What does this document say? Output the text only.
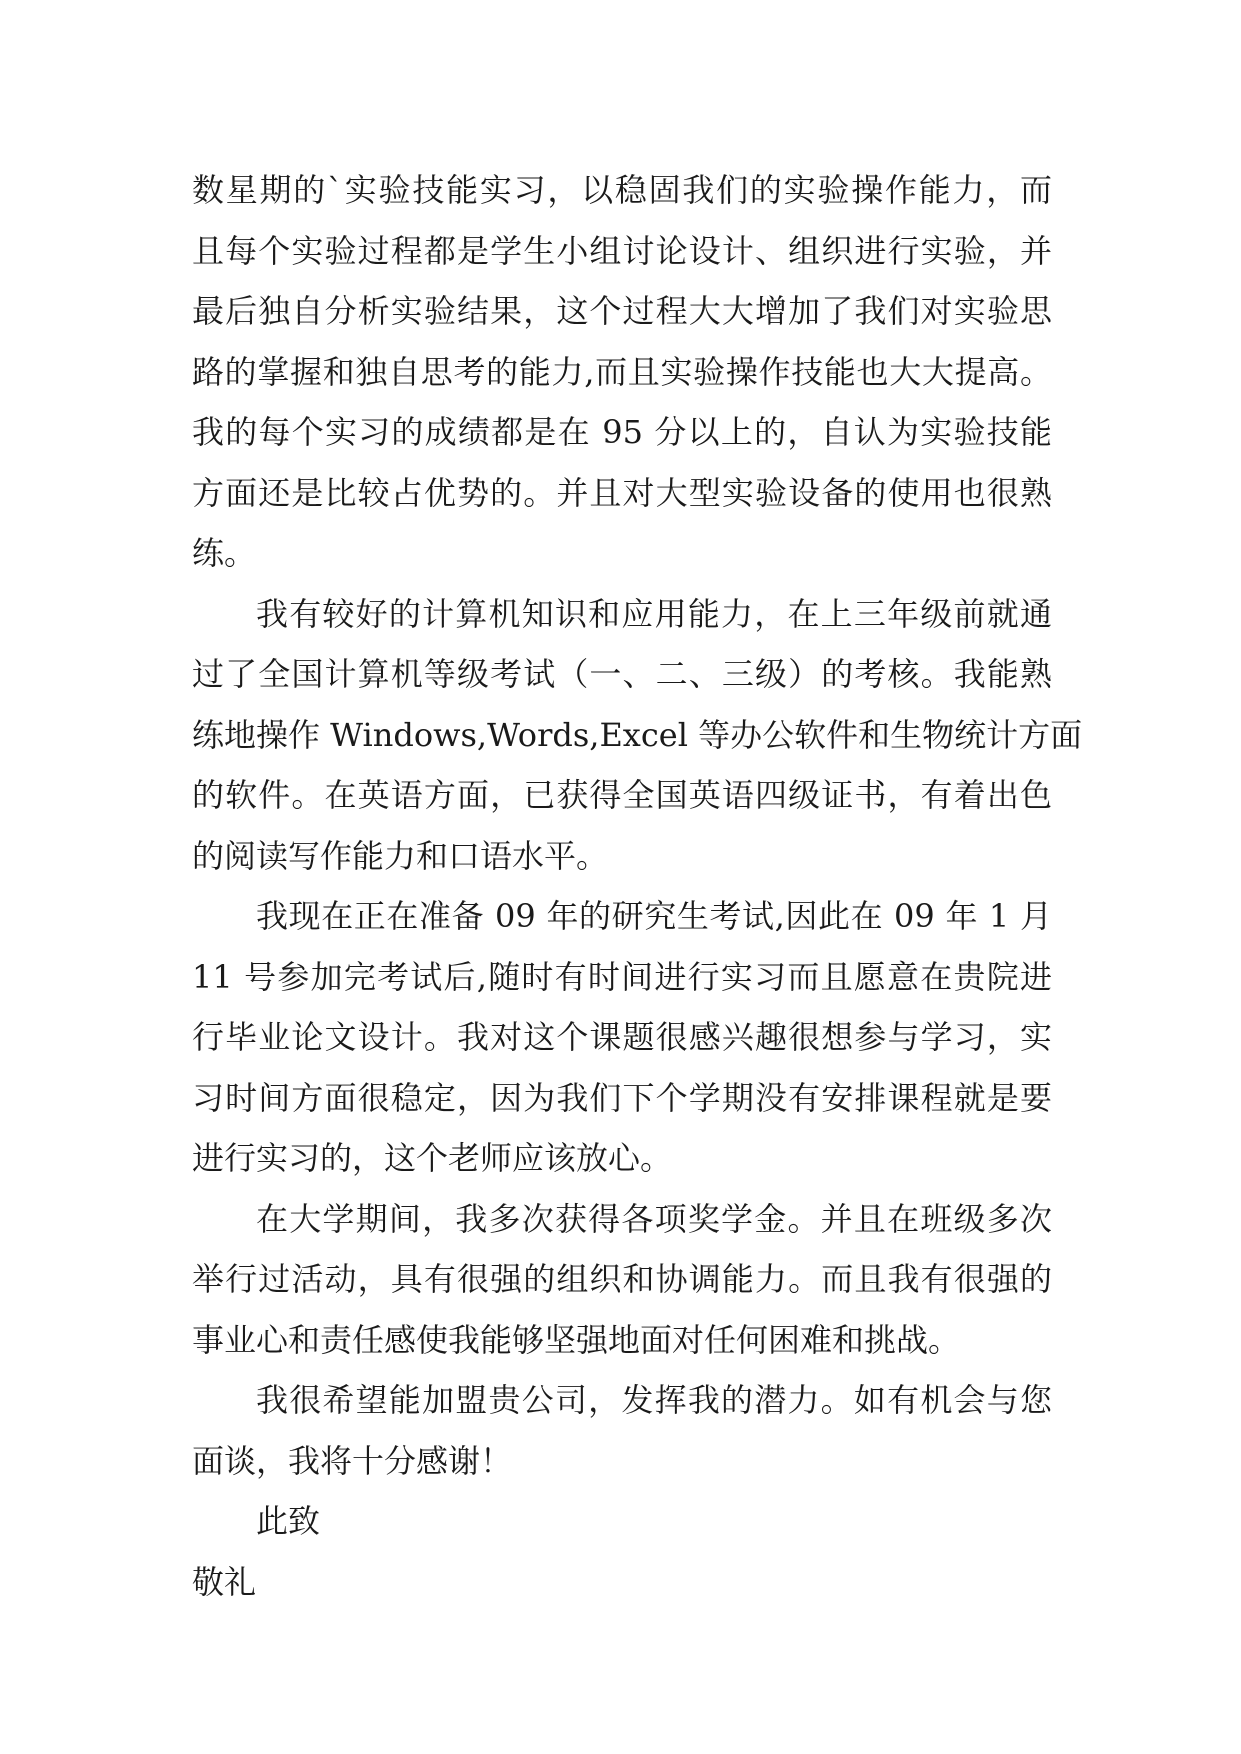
数星期的`实验技能实习，以稳固我们的实验操作能力，而
且每个实验过程都是学生小组讨论设计、组织进行实验，并
最后独自分析实验结果，这个过程大大增加了我们对实验思
路的掌握和独自思考的能力,而且实验操作技能也大大提高。
我的每个实习的成绩都是在 95 分以上的，自认为实验技能
方面还是比较占优势的。并且对大型实验设备的使用也很熟
练。
我有较好的计算机知识和应用能力，在上三年级前就通
过了全国计算机等级考试（一、二、三级）的考核。我能熟
练地操作 Windows,Words,Excel 等办公软件和生物统计方面
的软件。在英语方面，已获得全国英语四级证书，有着出色
的阅读写作能力和口语水平。
我现在正在准备 09 年的研究生考试,因此在 09 年 1 月
11 号参加完考试后,随时有时间进行实习而且愿意在贵院进
行毕业论文设计。我对这个课题很感兴趣很想参与学习，实
习时间方面很稳定，因为我们下个学期没有安排课程就是要
进行实习的，这个老师应该放心。
在大学期间，我多次获得各项奖学金。并且在班级多次
举行过活动，具有很强的组织和协调能力。而且我有很强的
事业心和责任感使我能够坚强地面对任何困难和挑战。
我很希望能加盟贵公司，发挥我的潜力。如有机会与您
面谈，我将十分感谢！
此致
敬礼
